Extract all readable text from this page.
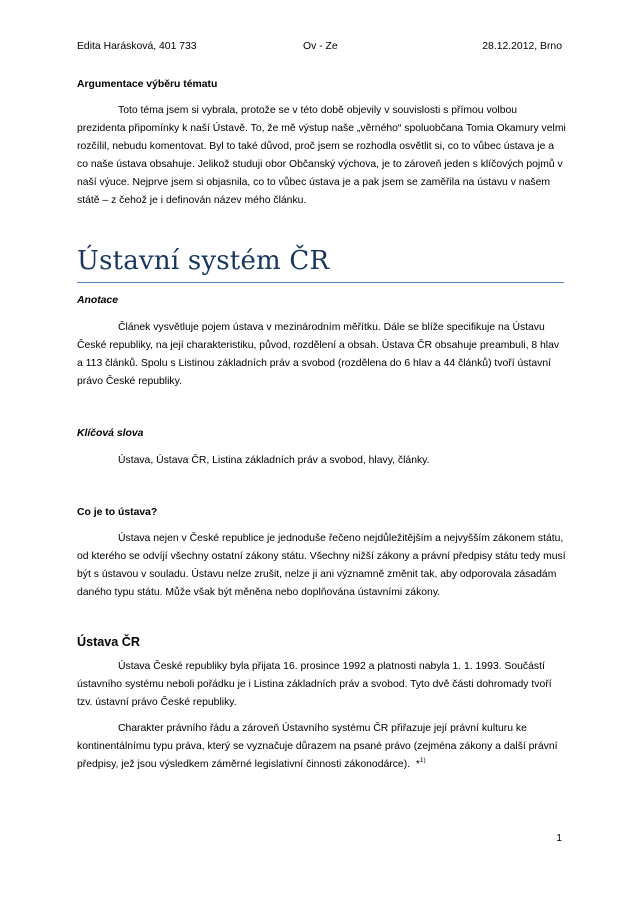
Edita Harásková, 401 733	Ov - Ze	28.12.2012, Brno

Argumentace výběru tématu

Toto téma jsem si vybrala, protože se v této době objevily v souvislosti s přímou volbou prezidenta připomínky k naší Ústavě. To, že mě výstup naše „věrného“ spoluobčana Tomia Okamury velmi rozčílil, nebudu komentovat. Byl to také důvod, proč jsem se rozhodla osvětlit si, co to vůbec ústava je a co naše ústava obsahuje. Jelikož studuji obor Občanský výchova, je to zároveň jeden s klíčových pojmů v naší výuce. Nejprve jsem si objasnila, co to vůbec ústava je a pak jsem se zaměřila na ústavu v našem státě – z čehož je i definován název mého článku.

Ústavní systém ČR

Anotace

Článek vysvětluje pojem ústava v mezinárodním měřítku. Dále se blíže specifikuje na Ústavu České republiky, na její charakteristiku, původ, rozdělení a obsah. Ústava ČR obsahuje preambuli, 8 hlav a 113 článků. Spolu s Listinou základních práv a svobod (rozdělena do 6 hlav a 44 článků) tvoří ústavní právo České republiky.

Klíčová slova

Ústava, Ústava ČR, Listina základních práv a svobod, hlavy, články.

Co je to ústava?

Ústava nejen v České republice je jednoduše řečeno nejdůležitějším a nejvyšším zákonem státu, od kterého se odvíjí všechny ostatní zákony státu. Všechny nižší zákony a právní předpisy státu tedy musí být s ústavou v souladu. Ústavu nelze zrušit, nelze ji ani významně změnit tak, aby odporovala zásadám daného typu státu. Může však být měněna nebo doplňována ústavními zákony.

Ústava ČR

Ústava České republiky byla přijata 16. prosince 1992 a platnosti nabyla 1. 1. 1993. Součástí ústavního systému neboli pořádku je i Listina základních práv a svobod. Tyto dvě části dohromady tvoří tzv. ústavní právo České republiky.

Charakter právního řádu a zároveň Ústavního systému ČR přiřazuje její právní kulturu ke kontinentálnímu typu práva, který se vyznačuje důrazem na psané právo (zejména zákony a další právní předpisy, jež jsou výsledkem záměrné legislativní činnosti zákonodárce). *$^{1)}$

1
